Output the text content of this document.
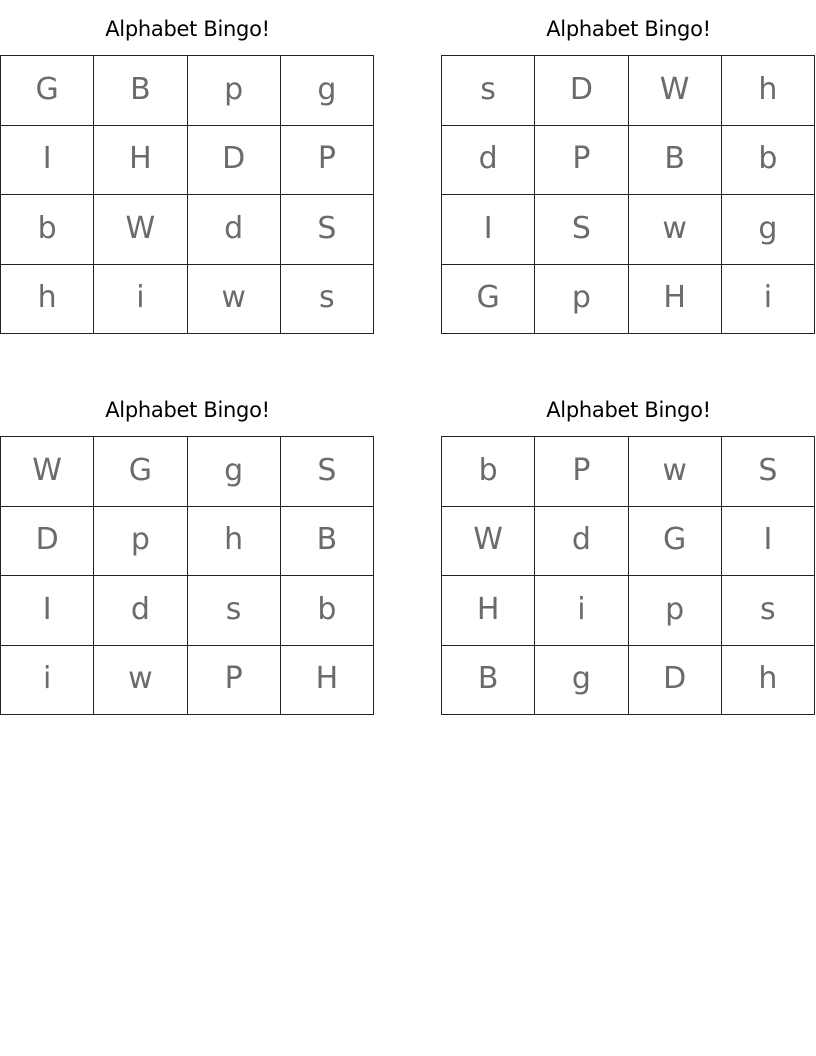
Alphabet Bingo!
G	B	p	g
I	H	D	P
b	W	d	S
h	i	w	s
Alphabet Bingo!
s	D	W	h
d	P	B	b
I	S	w	g
G	p	H	i
Alphabet Bingo!
W	G	g	S
D	p	h	B
I	d	s	b
i	w	P	H
Alphabet Bingo!
b	P	w	S
W	d	G	I
H	i	p	s
B	g	D	h
